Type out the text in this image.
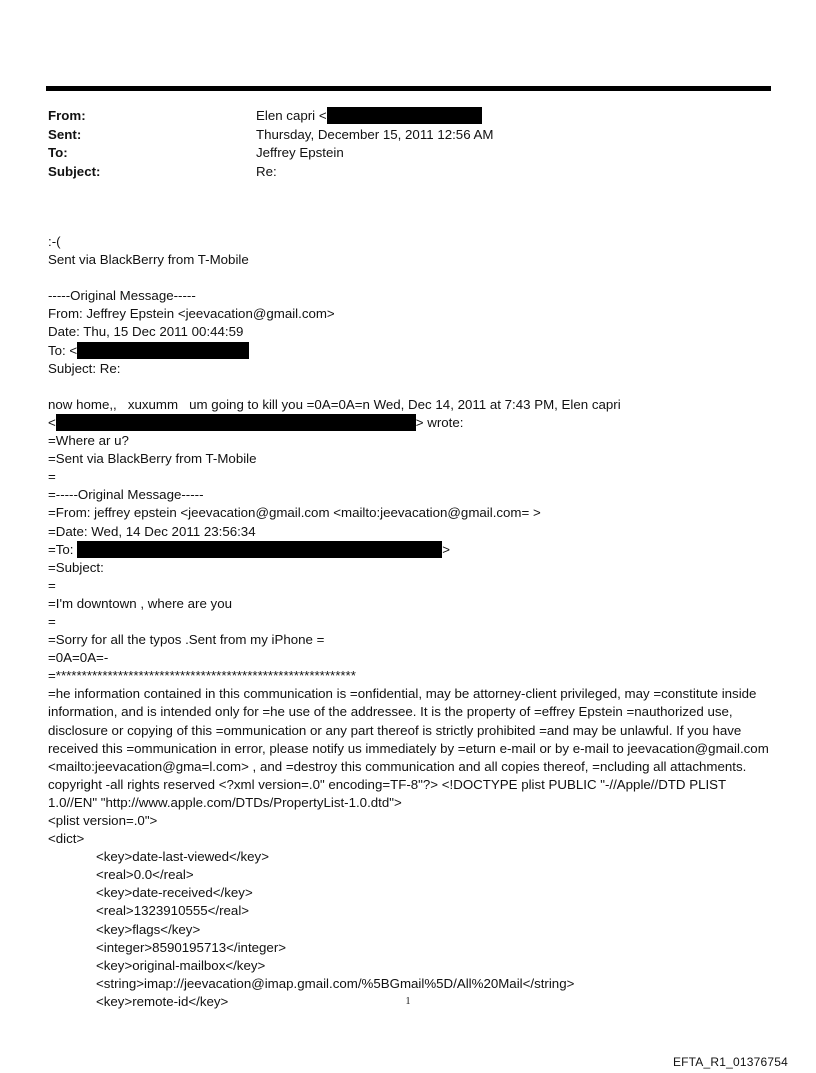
From:	Elen capri <
Sent:	Thursday, December 15, 2011 12:56 AM
To:	Jeffrey Epstein
Subject:	Re:
:-(
Sent via BlackBerry from T-Mobile
-----Original Message-----
From: Jeffrey Epstein <jeevacation@gmail.com>
Date: Thu, 15 Dec 2011 00:44:59
To: <
Subject: Re:
now home,,   xuxumm   um going to kill you =0A=0A=n Wed, Dec 14, 2011 at 7:43 PM, Elen capri
<	> wrote:
=Where ar u?
=Sent via BlackBerry from T-Mobile
=
=-----Original Message-----
=From: jeffrey epstein <jeevacation@gmail.com <mailto:jeevacation@gmail.com= >
=Date: Wed, 14 Dec 2011 23:56:34
=To:	>
=Subject:
=
=I'm downtown , where are you
=
=Sorry for all the typos .Sent from my iPhone =
=0A=0A=-
=**********************************************************
=he information contained in this communication is =onfidential, may be attorney-client privileged, may =constitute inside information, and is intended only for =he use of the addressee. It is the property of =effrey Epstein =nauthorized use, disclosure or copying of this =ommunication or any part thereof is strictly prohibited =and may be unlawful. If you have received this =ommunication in error, please notify us immediately by =eturn e-mail or by e-mail to jeevacation@gmail.com <mailto:jeevacation@gma=l.com> , and =destroy this communication and all copies thereof, =ncluding all attachments. copyright -all rights reserved <?xml version=.0" encoding=TF-8"?> <!DOCTYPE plist PUBLIC "-//Apple//DTD PLIST 1.0//EN" "http://www.apple.com/DTDs/PropertyList-1.0.dtd">
<plist version=.0">
<dict>
<key>date-last-viewed</key>
<real>0.0</real>
<key>date-received</key>
<real>1323910555</real>
<key>flags</key>
<integer>8590195713</integer>
<key>original-mailbox</key>
<string>imap://jeevacation@imap.gmail.com/%5BGmail%5D/All%20Mail</string>
<key>remote-id</key>	1
EFTA_R1_01376754
